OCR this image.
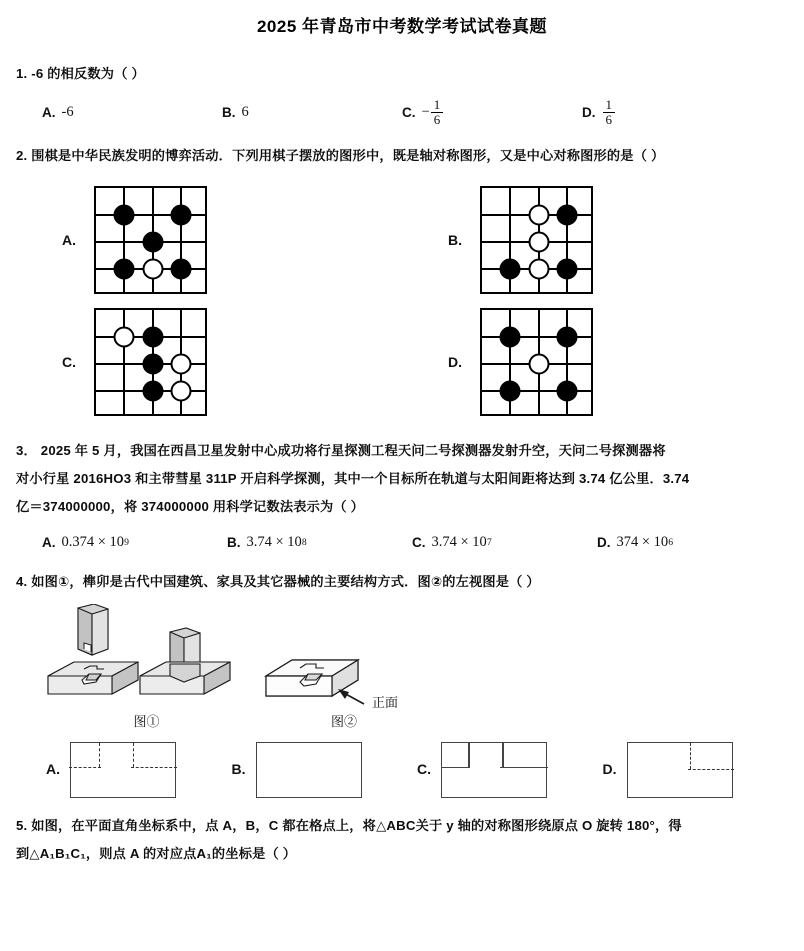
2025 年青岛市中考数学考试试卷真题
1. -6 的相反数为（ ）
A. -6	B. 6	C. − $\frac{1}{6}$	D. $\frac{1}{6}$
2. 围棋是中华民族发明的博弈活动．下列用棋子摆放的图形中，既是轴对称图形，又是中心对称图形的是（ ）
A.	B.
C.	D.
3． 2025 年 5 月，我国在西昌卫星发射中心成功将行星探测工程天问二号探测器发射升空，天问二号探测器将
对小行星 2016HO3 和主带彗星 311P 开启科学探测，其中一个目标所在轨道与太阳间距将达到 3.74 亿公里．3.74
亿＝374000000，将 374000000 用科学记数法表示为（ ）
A. 0.374 × 10 9	B. 3.74 × 10 8	C. 3.74 × 10 7	D. 374 × 10 6
4. 如图①，榫卯是古代中国建筑、家具及其它器械的主要结构方式．图②的左视图是（ ）
正面
图①	图②
A.	B.	C.	D.
5. 如图，在平面直角坐标系中，点 A，B，C 都在格点上，将△ABC关于 y 轴的对称图形绕原点 O 旋转 180°，得
到△A₁B₁C₁，则点 A 的对应点A₁的坐标是（ ）
